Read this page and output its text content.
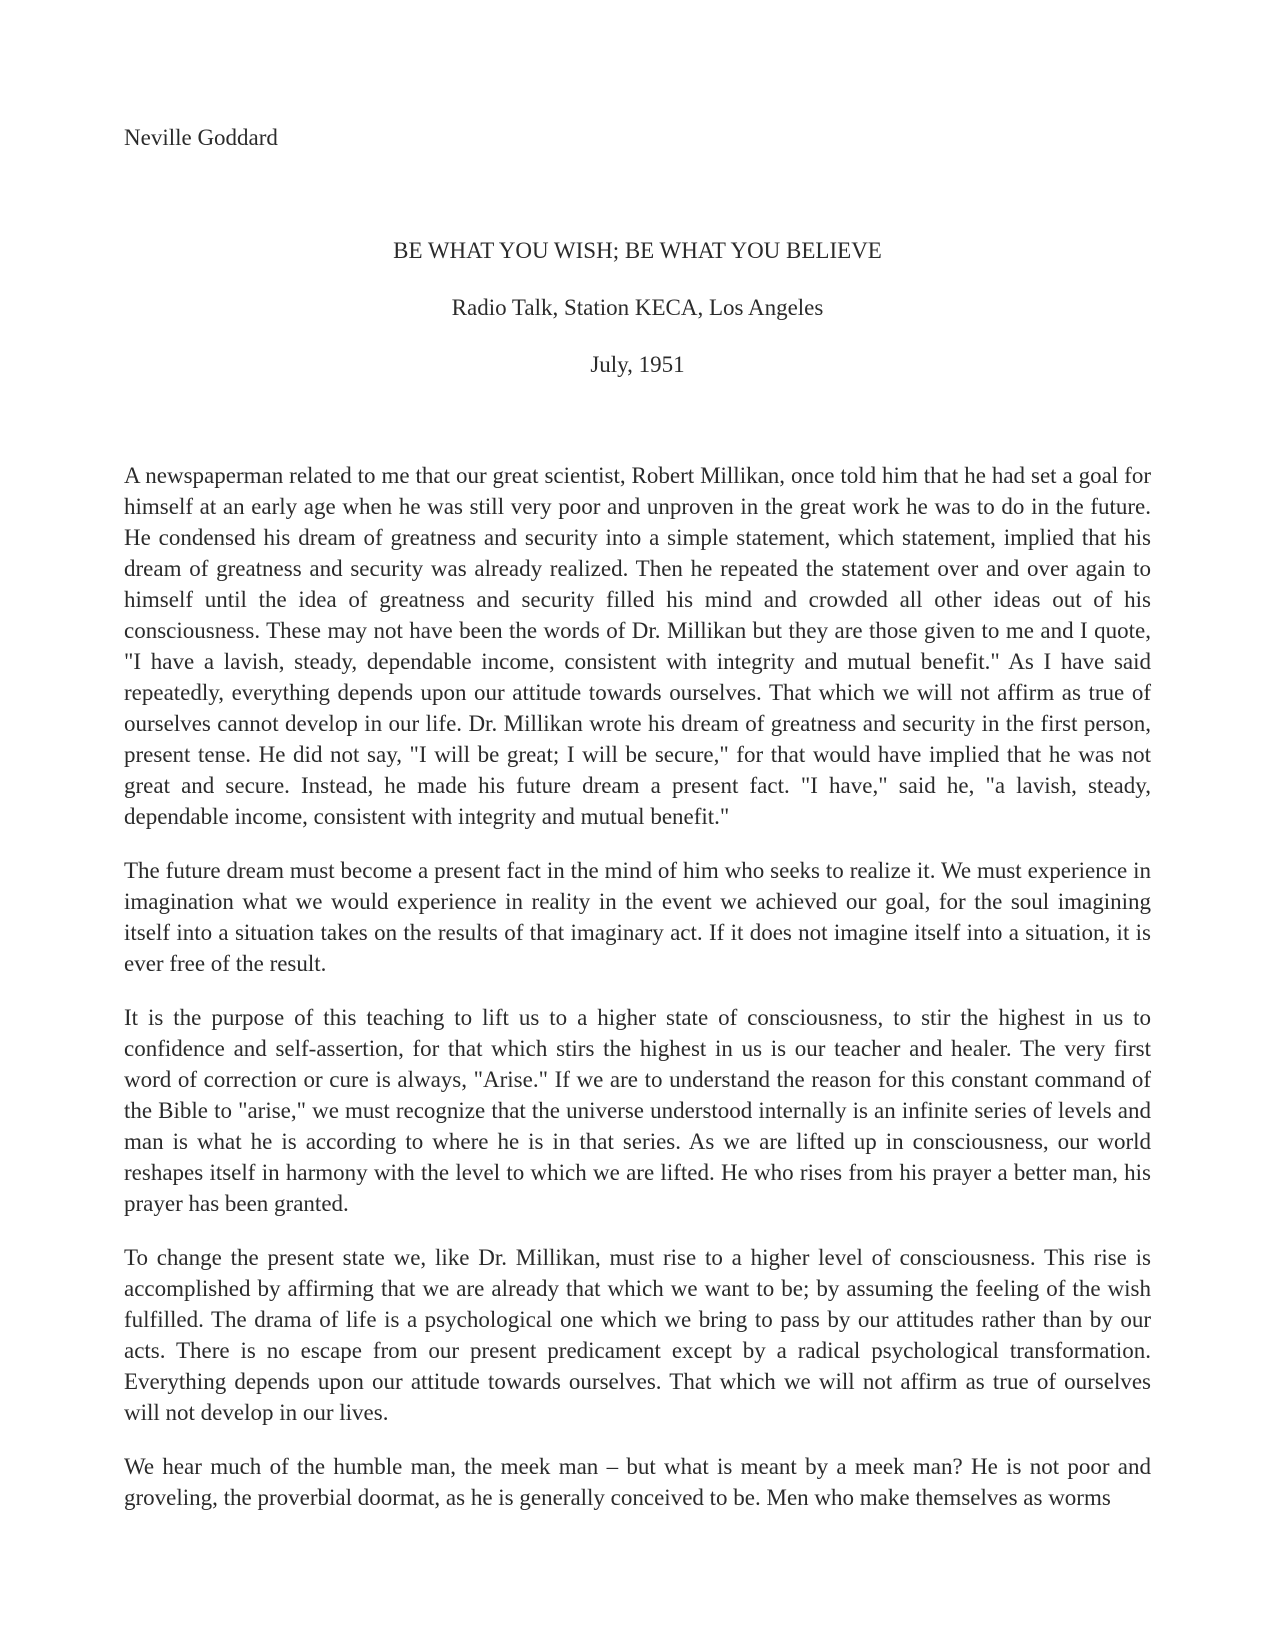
Neville Goddard

BE WHAT YOU WISH; BE WHAT YOU BELIEVE

Radio Talk, Station KECA, Los Angeles

July, 1951

A newspaperman related to me that our great scientist, Robert Millikan, once told him that he had set a goal for himself at an early age when he was still very poor and unproven in the great work he was to do in the future. He condensed his dream of greatness and security into a simple statement, which statement, implied that his dream of greatness and security was already realized. Then he repeated the statement over and over again to himself until the idea of greatness and security filled his mind and crowded all other ideas out of his consciousness. These may not have been the words of Dr. Millikan but they are those given to me and I quote, "I have a lavish, steady, dependable income, consistent with integrity and mutual benefit." As I have said repeatedly, everything depends upon our attitude towards ourselves. That which we will not affirm as true of ourselves cannot develop in our life. Dr. Millikan wrote his dream of greatness and security in the first person, present tense. He did not say, "I will be great; I will be secure," for that would have implied that he was not great and secure. Instead, he made his future dream a present fact. "I have," said he, "a lavish, steady, dependable income, consistent with integrity and mutual benefit."

The future dream must become a present fact in the mind of him who seeks to realize it. We must experience in imagination what we would experience in reality in the event we achieved our goal, for the soul imagining itself into a situation takes on the results of that imaginary act. If it does not imagine itself into a situation, it is ever free of the result.

It is the purpose of this teaching to lift us to a higher state of consciousness, to stir the highest in us to confidence and self-assertion, for that which stirs the highest in us is our teacher and healer. The very first word of correction or cure is always, "Arise." If we are to understand the reason for this constant command of the Bible to "arise," we must recognize that the universe understood internally is an infinite series of levels and man is what he is according to where he is in that series. As we are lifted up in consciousness, our world reshapes itself in harmony with the level to which we are lifted. He who rises from his prayer a better man, his prayer has been granted.

To change the present state we, like Dr. Millikan, must rise to a higher level of consciousness. This rise is accomplished by affirming that we are already that which we want to be; by assuming the feeling of the wish fulfilled. The drama of life is a psychological one which we bring to pass by our attitudes rather than by our acts. There is no escape from our present predicament except by a radical psychological transformation. Everything depends upon our attitude towards ourselves. That which we will not affirm as true of ourselves will not develop in our lives.

We hear much of the humble man, the meek man – but what is meant by a meek man? He is not poor and groveling, the proverbial doormat, as he is generally conceived to be. Men who make themselves as worms
